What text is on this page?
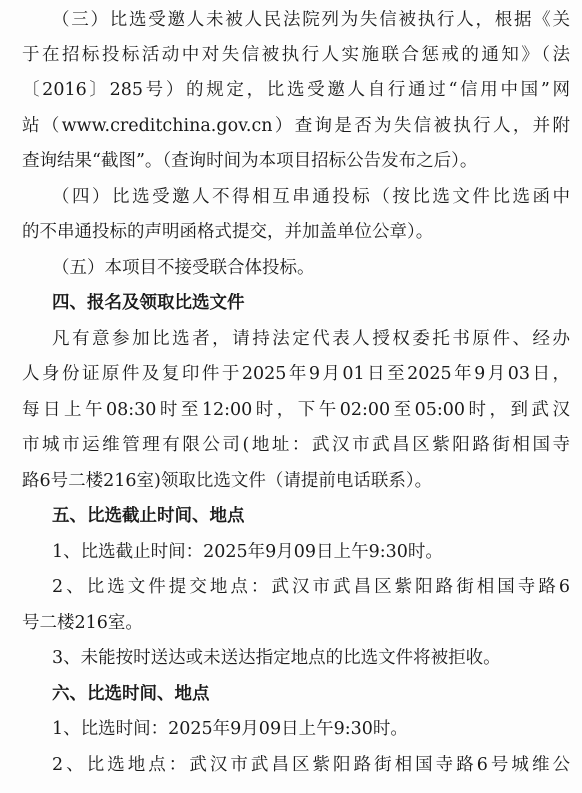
（三）比选受邀人未被人民法院列为失信被执行人，根据《关
于在招标投标活动中对失信被执行人实施联合惩戒的通知》（法
〔2016〕285号）的规定，比选受邀人自行通过“信用中国”网
站（www.creditchina.gov.cn）查询是否为失信被执行人，并附
查询结果“截图”。（查询时间为本项目招标公告发布之后）。
（四）比选受邀人不得相互串通投标（按比选文件比选函中
的不串通投标的声明函格式提交，并加盖单位公章）。
（五）本项目不接受联合体投标。
四、报名及领取比选文件
凡有意参加比选者，请持法定代表人授权委托书原件、经办
人身份证原件及复印件于2025年9月01日至2025年9月03日，
每日上午08:30时至12:00时，下午02:00至05:00时，到武汉
市城市运维管理有限公司(地址：武汉市武昌区紫阳路街相国寺
路6号二楼216室)领取比选文件（请提前电话联系）。
五、比选截止时间、地点
1、比选截止时间：2025年9月09日上午9:30时。
2、比选文件提交地点：武汉市武昌区紫阳路街相国寺路6
号二楼216室。
3、未能按时送达或未送达指定地点的比选文件将被拒收。
六、比选时间、地点
1、比选时间：2025年9月09日上午9:30时。
2、比选地点：武汉市武昌区紫阳路街相国寺路6号城维公
